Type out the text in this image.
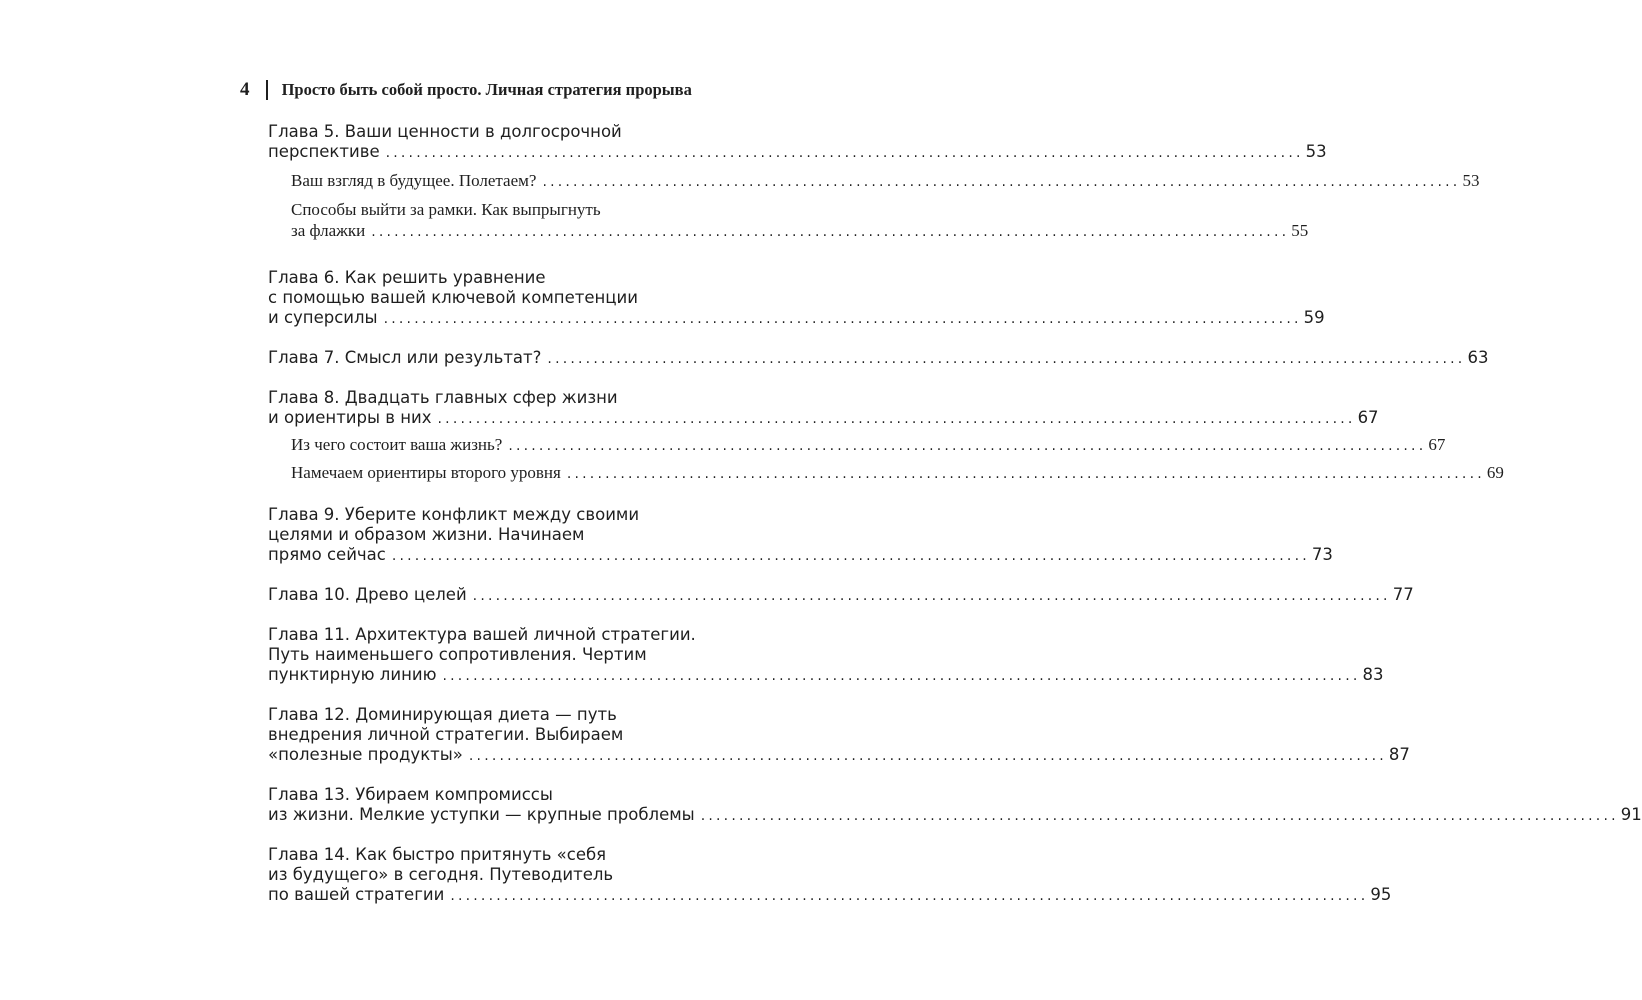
4 Просто быть собой просто. Личная стратегия прорыва
Глава 5. Ваши ценности в долгосрочной
перспективе ........................................................................................................................ 53
Ваш взгляд в будущее. Полетаем? ........................................................................................................................ 53
Способы выйти за рамки. Как выпрыгнуть
за флажки ........................................................................................................................ 55
Глава 6. Как решить уравнение
с помощью вашей ключевой компетенции
и суперсилы ........................................................................................................................ 59
Глава 7. Смысл или результат? ........................................................................................................................ 63
Глава 8. Двадцать главных сфер жизни
и ориентиры в них ........................................................................................................................ 67
Из чего состоит ваша жизнь? ........................................................................................................................ 67
Намечаем ориентиры второго уровня ........................................................................................................................ 69
Глава 9. Уберите конфликт между своими
целями и образом жизни. Начинаем
прямо сейчас ........................................................................................................................ 73
Глава 10. Древо целей ........................................................................................................................ 77
Глава 11. Архитектура вашей личной стратегии.
Путь наименьшего сопротивления. Чертим
пунктирную линию ........................................................................................................................ 83
Глава 12. Доминирующая диета — путь
внедрения личной стратегии. Выбираем
«полезные продукты» ........................................................................................................................ 87
Глава 13. Убираем компромиссы
из жизни. Мелкие уступки — крупные проблемы ........................................................................................................................ 91
Глава 14. Как быстро притянуть «себя
из будущего» в сегодня. Путеводитель
по вашей стратегии ........................................................................................................................ 95
